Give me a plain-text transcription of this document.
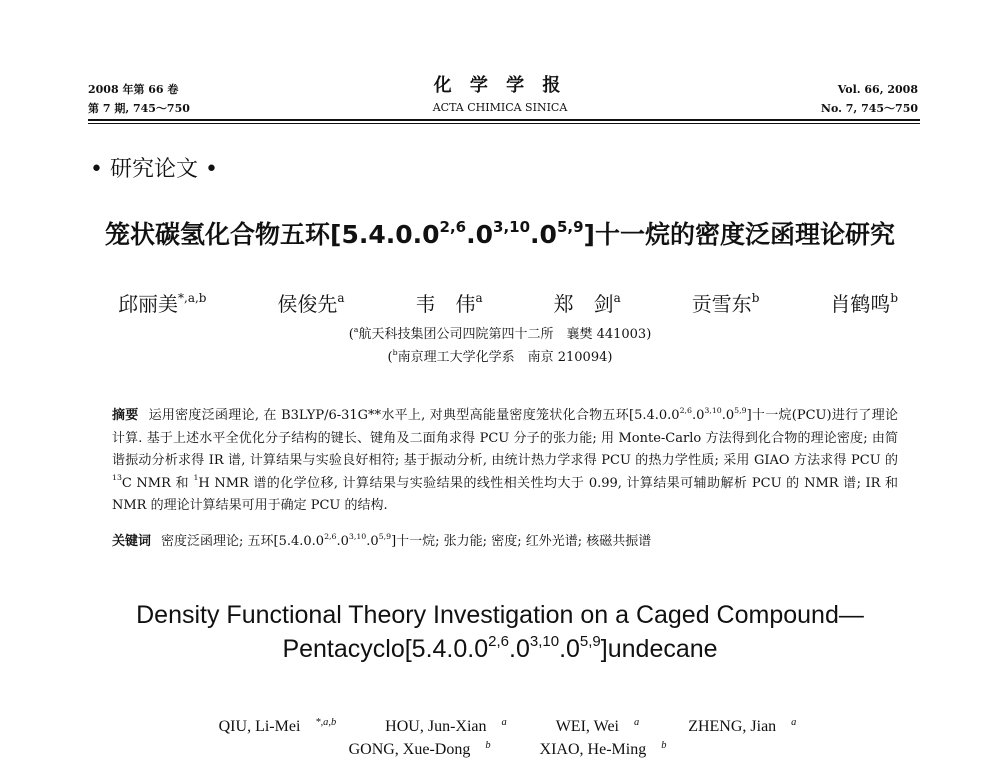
2008 年第 66 卷
第 7 期, 745～750
化 学 学 报
ACTA CHIMICA SINICA
Vol. 66, 2008
No. 7, 745～750
• 研究论文 •
笼状碳氢化合物五环[5.4.0.0$^{2,6}$.0$^{3,10}$.0$^{5,9}$]十一烷的密度泛函理论研究
邱丽美$^{*,a,b}$	侯俊先$^a$	韦　伟$^a$	郑　剑$^a$	贡雪东$^b$	肖鹤鸣$^b$
($^a$航天科技集团公司四院第四十二所　襄樊 441003)
($^b$南京理工大学化学系　南京 210094)
摘要 运用密度泛函理论, 在 B3LYP/6-31G**水平上, 对典型高能量密度笼状化合物五环[5.4.0.0$^{2,6}$.0$^{3,10}$.0$^{5,9}$]十一烷(PCU)进行了理论计算. 基于上述水平全优化分子结构的键长、键角及二面角求得 PCU 分子的张力能; 用 Monte-Carlo 方法得到化合物的理论密度; 由简谐振动分析求得 IR 谱, 计算结果与实验良好相符; 基于振动分析, 由统计热力学求得 PCU 的热力学性质; 采用 GIAO 方法求得 PCU 的 $^{13}$C NMR 和 $^1$H NMR 谱的化学位移, 计算结果与实验结果的线性相关性均大于 0.99, 计算结果可辅助解析 PCU 的 NMR 谱; IR 和 NMR 的理论计算结果可用于确定 PCU 的结构.
关键词 密度泛函理论; 五环[5.4.0.0$^{2,6}$.0$^{3,10}$.0$^{5,9}$]十一烷; 张力能; 密度; 红外光谱; 核磁共振谱
Density Functional Theory Investigation on a Caged Compound—
Pentacyclo[5.4.0.0$^{2,6}$.0$^{3,10}$.0$^{5,9}$]undecane
QIU, Li-Mei $^{*,a,b}$	HOU, Jun-Xian $^a$	WEI, Wei $^a$	ZHENG, Jian $^a$
GONG, Xue-Dong $^b$	XIAO, He-Ming $^b$
